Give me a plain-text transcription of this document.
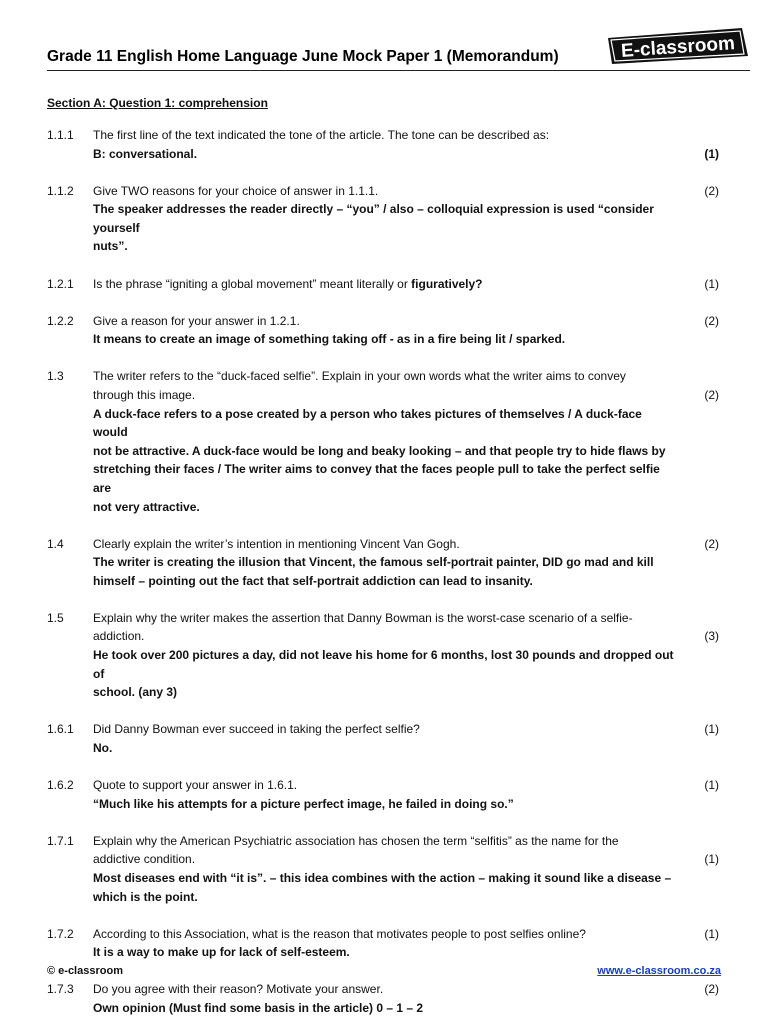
Grade 11 English Home Language June Mock Paper 1 (Memorandum)	E-classroom
Section A: Question 1: comprehension
1.1.1	The first line of the text indicated the tone of the article. The tone can be described as:
B: conversational.	(1)
1.1.2	Give TWO reasons for your choice of answer in 1.1.1.	(2)
The speaker addresses the reader directly – “you” / also – colloquial expression is used “consider yourself
nuts”.
1.2.1	Is the phrase “igniting a global movement” meant literally or figuratively?	(1)
1.2.2	Give a reason for your answer in 1.2.1.	(2)
It means to create an image of something taking off - as in a fire being lit / sparked.
1.3	The writer refers to the “duck-faced selfie”. Explain in your own words what the writer aims to convey
through this image.	(2)
A duck-face refers to a pose created by a person who takes pictures of themselves / A duck-face would
not be attractive. A duck-face would be long and beaky looking – and that people try to hide flaws by
stretching their faces / The writer aims to convey that the faces people pull to take the perfect selfie are
not very attractive.
1.4	Clearly explain the writer’s intention in mentioning Vincent Van Gogh.	(2)
The writer is creating the illusion that Vincent, the famous self-portrait painter, DID go mad and kill
himself – pointing out the fact that self-portrait addiction can lead to insanity.
1.5	Explain why the writer makes the assertion that Danny Bowman is the worst-case scenario of a selfie-
addiction.	(3)
He took over 200 pictures a day, did not leave his home for 6 months, lost 30 pounds and dropped out of
school. (any 3)
1.6.1	Did Danny Bowman ever succeed in taking the perfect selfie?	(1)
No.
1.6.2	Quote to support your answer in 1.6.1.	(1)
“Much like his attempts for a picture perfect image, he failed in doing so.”
1.7.1	Explain why the American Psychiatric association has chosen the term “selfitis” as the name for the
addictive condition.	(1)
Most diseases end with “it is”. – this idea combines with the action – making it sound like a disease –
which is the point.
1.7.2	According to this Association, what is the reason that motivates people to post selfies online?	(1)
It is a way to make up for lack of self-esteem.
1.7.3	Do you agree with their reason? Motivate your answer.	(2)
Own opinion (Must find some basis in the article) 0 – 1 – 2
© e-classroom	www.e-classroom.co.za
